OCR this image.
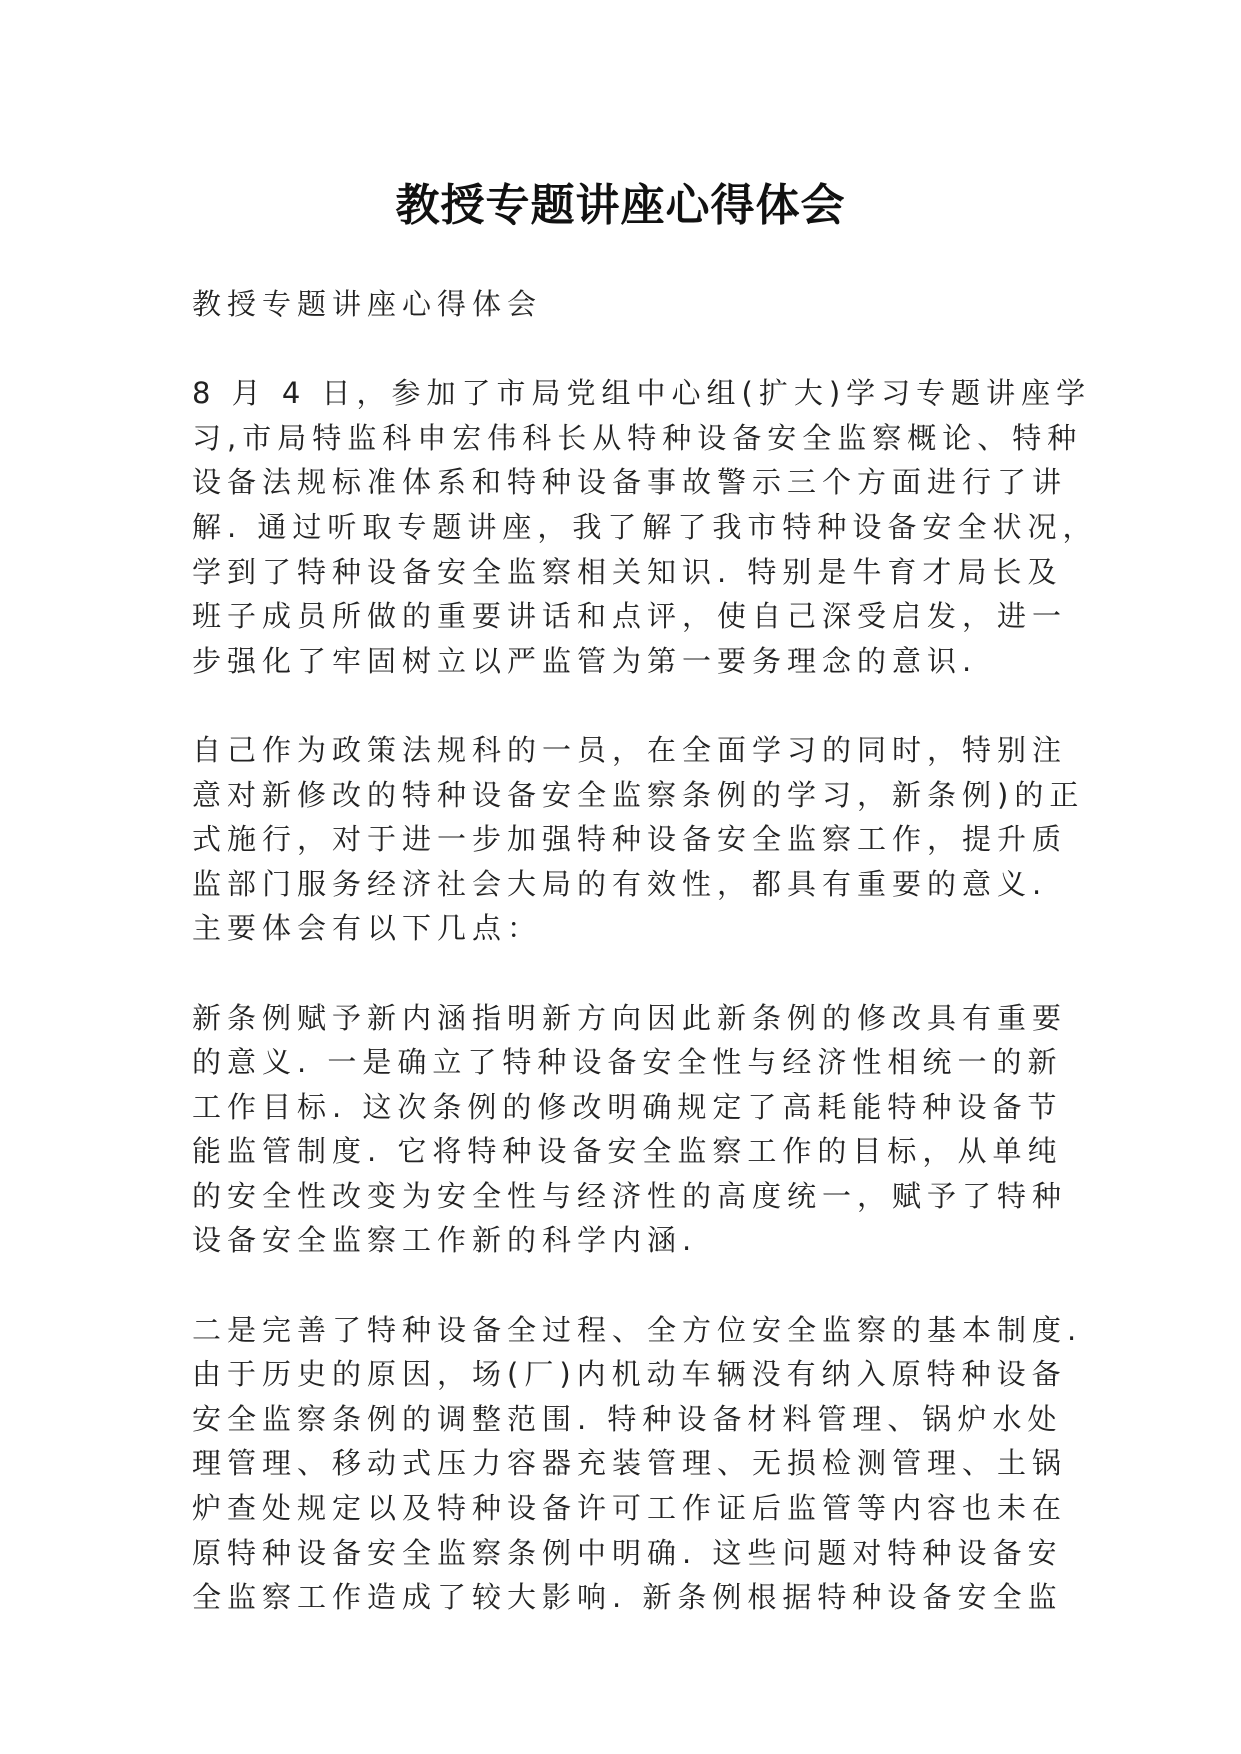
教授专题讲座心得体会
教授专题讲座心得体会
8 月 4 日，参加了市局党组中心组(扩大)学习专题讲座学
习,市局特监科申宏伟科长从特种设备安全监察概论、特种
设备法规标准体系和特种设备事故警示三个方面进行了讲
解. 通过听取专题讲座，我了解了我市特种设备安全状况，
学到了特种设备安全监察相关知识. 特别是牛育才局长及
班子成员所做的重要讲话和点评，使自己深受启发，进一
步强化了牢固树立以严监管为第一要务理念的意识.
自己作为政策法规科的一员，在全面学习的同时，特别注
意对新修改的特种设备安全监察条例的学习，新条例)的正
式施行，对于进一步加强特种设备安全监察工作，提升质
监部门服务经济社会大局的有效性，都具有重要的意义.
主要体会有以下几点：
新条例赋予新内涵指明新方向因此新条例的修改具有重要
的意义. 一是确立了特种设备安全性与经济性相统一的新
工作目标. 这次条例的修改明确规定了高耗能特种设备节
能监管制度. 它将特种设备安全监察工作的目标，从单纯
的安全性改变为安全性与经济性的高度统一，赋予了特种
设备安全监察工作新的科学内涵.
二是完善了特种设备全过程、全方位安全监察的基本制度.
由于历史的原因，场(厂)内机动车辆没有纳入原特种设备
安全监察条例的调整范围. 特种设备材料管理、锅炉水处
理管理、移动式压力容器充装管理、无损检测管理、土锅
炉查处规定以及特种设备许可工作证后监管等内容也未在
原特种设备安全监察条例中明确. 这些问题对特种设备安
全监察工作造成了较大影响. 新条例根据特种设备安全监
